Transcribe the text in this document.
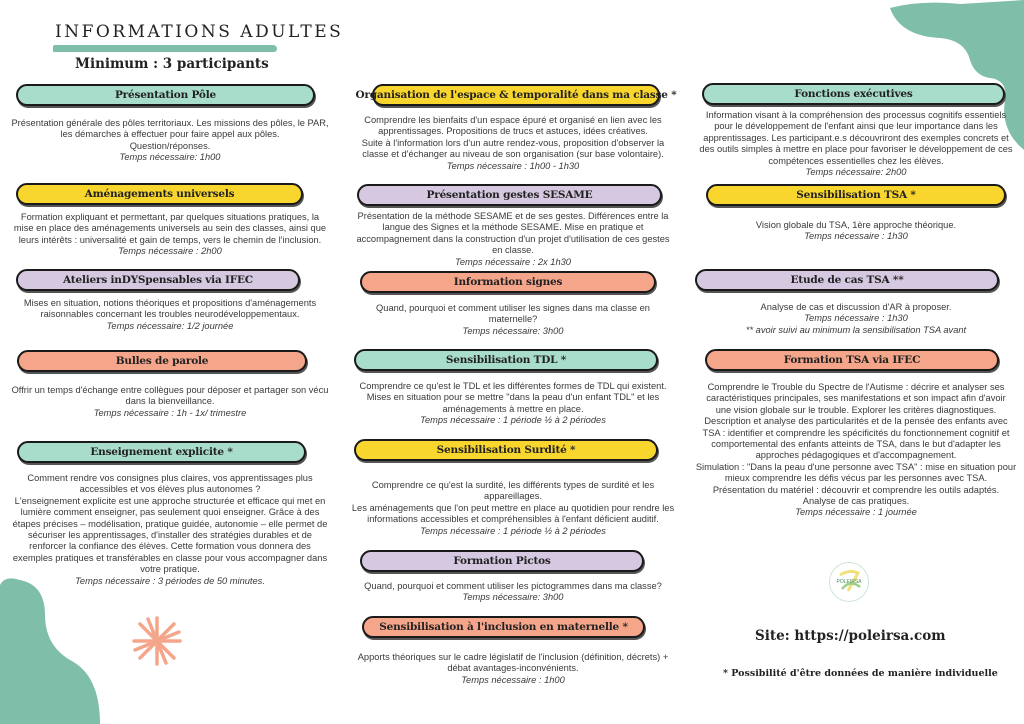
INFORMATIONS ADULTES
Minimum : 3 participants
Présentation Pôle
Présentation générale des pôles territoriaux. Les missions des pôles, le PAR,
les démarches à effectuer pour faire appel aux pôles.
Question/réponses.
Temps nécessaire: 1h00
Aménagements universels
Formation expliquant et permettant, par quelques situations pratiques, la
mise en place des aménagements universels au sein des classes, ainsi que
leurs intérêts : universalité et gain de temps, vers le chemin de l'inclusion.
Temps nécessaire : 2h00
Ateliers inDYSpensables via IFEC
Mises en situation, notions théoriques et propositions d'aménagements
raisonnables concernant les troubles neurodéveloppementaux.
Temps nécessaire: 1/2 journée
Bulles de parole
Offrir un temps d'échange entre collègues pour déposer et partager son vécu
dans la bienveillance.
Temps nécessaire : 1h - 1x/ trimestre
Enseignement explicite *
Comment rendre vos consignes plus claires, vos apprentissages plus
accessibles et vos élèves plus autonomes ?
L'enseignement explicite est une approche structurée et efficace qui met en
lumière comment enseigner, pas seulement quoi enseigner. Grâce à des
étapes précises – modélisation, pratique guidée, autonomie – elle permet de
sécuriser les apprentissages, d'installer des stratégies durables et de
renforcer la confiance des élèves. Cette formation vous donnera des
exemples pratiques et transférables en classe pour vous accompagner dans
votre pratique.
Temps nécessaire : 3 périodes de 50 minutes.
Organisation de l'espace & temporalité dans ma classe *
Comprendre les bienfaits d'un espace épuré et organisé en lien avec les
apprentissages. Propositions de trucs et astuces, idées créatives.
Suite à l'information lors d'un autre rendez-vous, proposition d'observer la
classe et d'échanger au niveau de son organisation (sur base volontaire).
Temps nécessaire : 1h00 - 1h30
Présentation gestes SESAME
Présentation de la méthode SESAME et de ses gestes. Différences entre la
langue des Signes et la méthode SESAME. Mise en pratique et
accompagnement dans la construction d'un projet d'utilisation de ces gestes
en classe.
Temps nécessaire : 2x 1h30
Information signes
Quand, pourquoi et comment utiliser les signes dans ma classe en
maternelle?
Temps nécessaire: 3h00
Sensibilisation TDL *
Comprendre ce qu'est le TDL et les différentes formes de TDL qui existent.
Mises en situation pour se mettre "dans la peau d'un enfant TDL" et les
aménagements à mettre en place.
Temps nécessaire : 1 période ½ à 2 périodes
Sensibilisation Surdité *
Comprendre ce qu'est la surdité, les différents types de surdité et les
appareillages.
Les aménagements que l'on peut mettre en place au quotidien pour rendre les
informations accessibles et compréhensibles à l'enfant déficient auditif.
Temps nécessaire : 1 période ½ à 2 périodes
Formation Pictos
Quand, pourquoi et comment utiliser les pictogrammes dans ma classe?
Temps nécessaire: 3h00
Sensibilisation à l'inclusion en maternelle *
Apports théoriques sur le cadre législatif de l'inclusion (définition, décrets) +
débat avantages-inconvénients.
Temps nécessaire : 1h00
Fonctions exécutives
Information visant à la compréhension des processus cognitifs essentiels
pour le développement de l'enfant ainsi que leur importance dans les
apprentissages. Les participant.e.s découvriront des exemples concrets et
des outils simples à mettre en place pour favoriser le développement de ces
compétences essentielles chez les élèves.
Temps nécessaire: 2h00
Sensibilisation TSA *
Vision globale du TSA, 1ère approche théorique.
Temps nécessaire : 1h30
Etude de cas TSA **
Analyse de cas et discussion d'AR à proposer.
Temps nécessaire : 1h30
** avoir suivi au minimum la sensibilisation TSA avant
Formation TSA via IFEC
Comprendre le Trouble du Spectre de l'Autisme : décrire et analyser ses
caractéristiques principales, ses manifestations et son impact afin d'avoir
une vision globale sur le trouble. Explorer les critères diagnostiques.
Description et analyse des particularités et de la pensée des enfants avec
TSA : identifier et comprendre les spécificités du fonctionnement cognitif et
comportemental des enfants atteints de TSA, dans le but d'adapter les
approches pédagogiques et d'accompagnement.
Simulation : "Dans la peau d'une personne avec TSA" : mise en situation pour
mieux comprendre les défis vécus par les personnes avec TSA.
Présentation du matériel : découvrir et comprendre les outils adaptés.
Analyse de cas pratiques.
Temps nécessaire : 1 journée
POLEIRSA
Site: https://poleirsa.com
* Possibilité d'être données de manière individuelle
